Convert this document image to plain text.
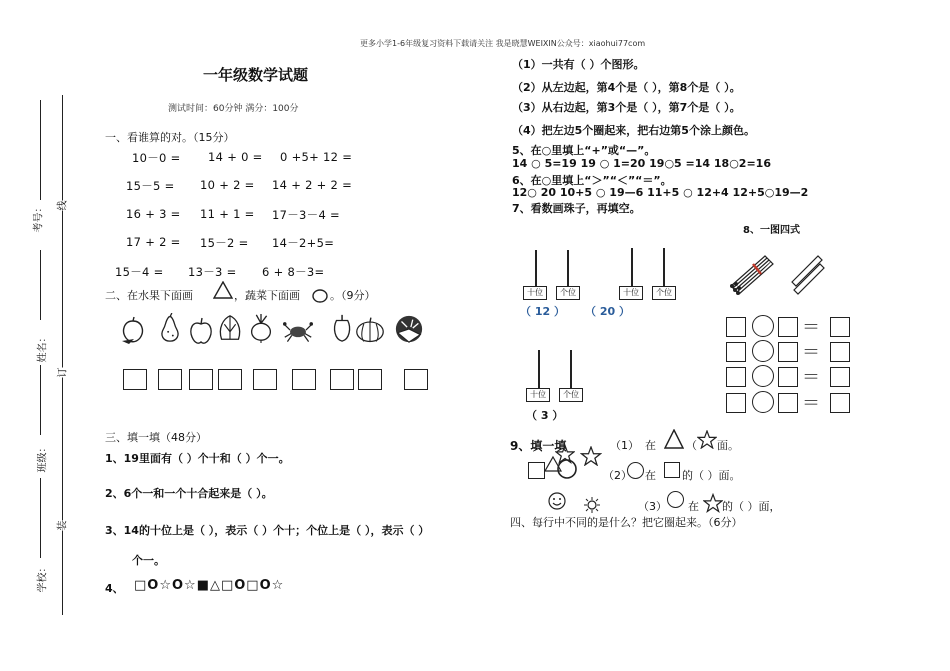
更多小学1-6年级复习资料下载请关注 我是晓慧WEIXIN公众号：xiaohui77com
考号：
姓名：
班级：
学校：
线
订
装
一年级数学试题
测试时间：60分钟 满分：100分
一、看谁算的对。（15分）
10－0 = 14 + 0 = 0 +5+ 12 =
15－5 = 10 + 2 = 14 + 2 + 2 =
16 + 3 = 11 + 1 = 17－3－4 =
17 + 2 = 15－2 = 14－2+5=
15－4 = 13－3 = 6 + 8－3=
二、在水果下面画	，蔬菜下面画	。（9分）
三、填一填（48分）
1、19里面有（ ）个十和（ ）个一。
2、6个一和一个十合起来是（ ）。
3、14的十位上是（ ），表示（ ）个十；个位上是（ ），表示（ ）
个一。
4、 □O☆O☆■△□O□O☆
（1）一共有（ ）个图形。
（2）从左边起，第4个是（ ），第8个是（ ）。
（3）从右边起，第3个是（ ），第7个是（ ）。
（4）把左边5个圈起来，把右边第5个涂上颜色。
5、在○里填上“+”或“—”。
14 ○ 5=19 19 ○ 1=20 19○5 =14 18○2=16
6、在○里填上“＞”“＜”“＝”。
12○ 20 10+5 ○ 19—6 11+5 ○ 12+4 12+5○19—2
7、看数画珠子，再填空。
8、一图四式
十位	个位
（ 12 ）
十位	个位
（ 20 ）
十位	个位
（ 3 ）
＝
＝
＝
＝
9、填一填	（1） 在	（ 面。
（2） 在 的（ ）面。
（3） 在 的（ ）面，
四、每行中不同的是什么？把它圈起来。（6分）
